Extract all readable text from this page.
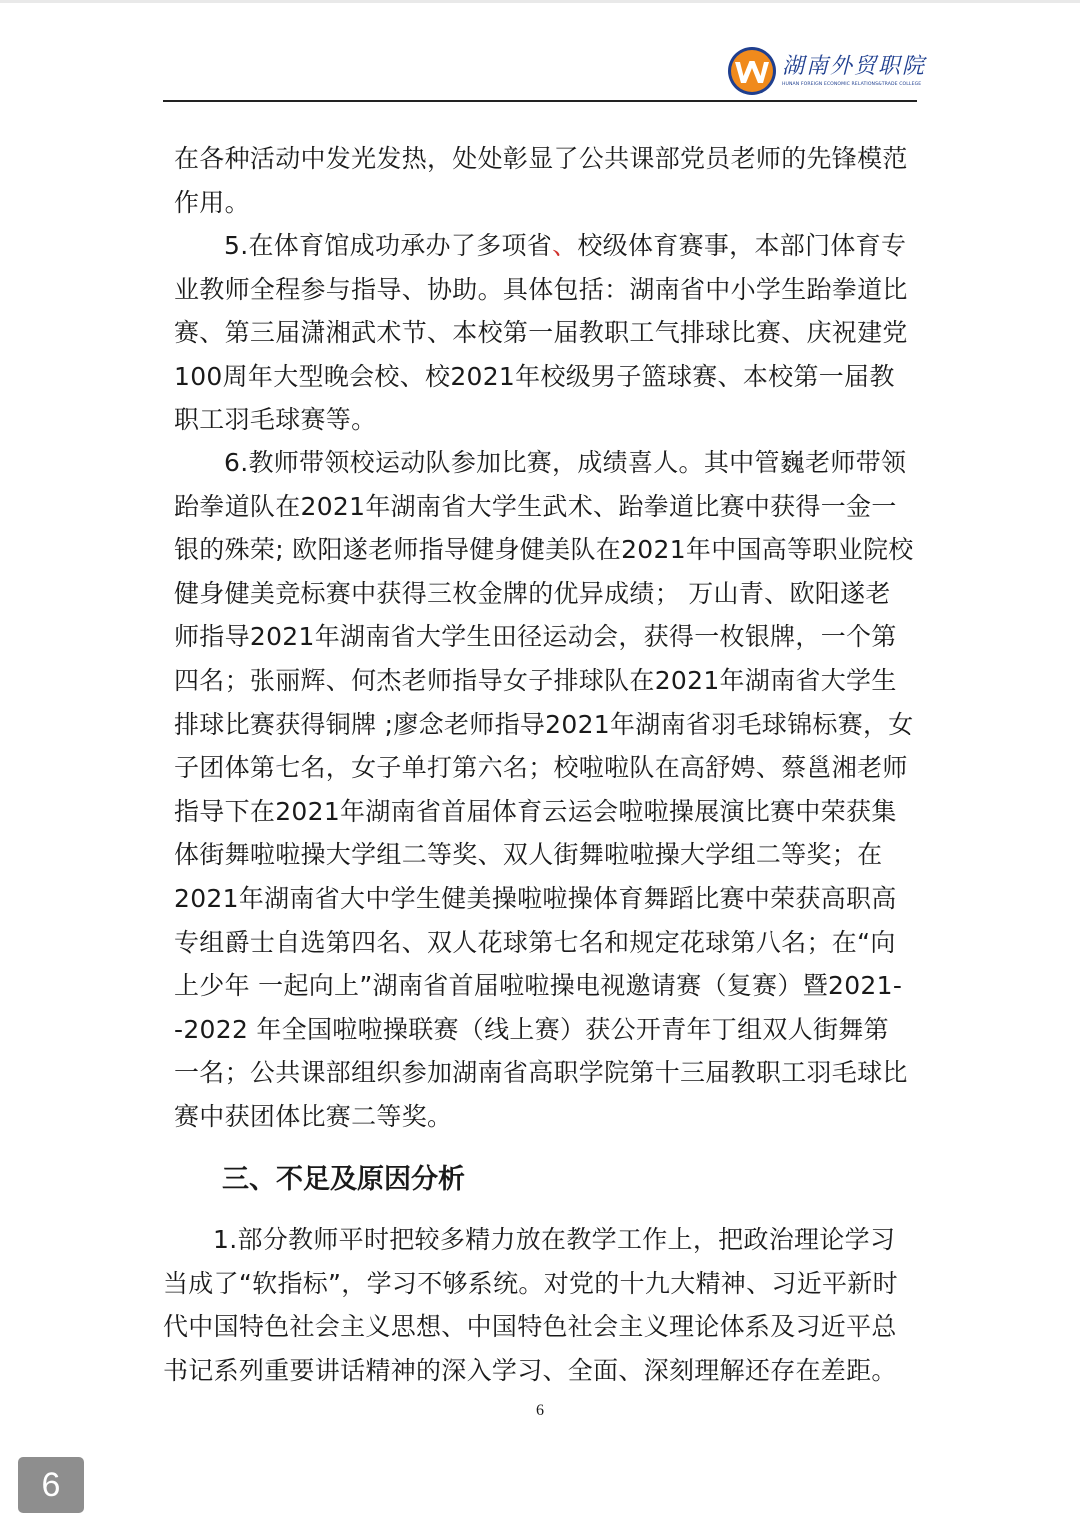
湖南外贸职院
HUNAN FOREIGN ECONOMIC RELATIONS&TRADE COLLEGE

在各种活动中发光发热，处处彰显了公共课部党员老师的先锋模范作用。

5.在体育馆成功承办了多项省、校级体育赛事，本部门体育专业教师全程参与指导、协助。具体包括：湖南省中小学生跆拳道比赛、第三届潇湘武术节、本校第一届教职工气排球比赛、庆祝建党100周年大型晚会校、校2021年校级男子篮球赛、本校第一届教职工羽毛球赛等。

6.教师带领校运动队参加比赛，成绩喜人。其中管巍老师带领跆拳道队在2021年湖南省大学生武术、跆拳道比赛中获得一金一银的殊荣; 欧阳遂老师指导健身健美队在2021年中国高等职业院校健身健美竞标赛中获得三枚金牌的优异成绩； 万山青、欧阳遂老师指导2021年湖南省大学生田径运动会，获得一枚银牌，一个第四名；张丽辉、何杰老师指导女子排球队在2021年湖南省大学生排球比赛获得铜牌 ;廖念老师指导2021年湖南省羽毛球锦标赛，女子团体第七名，女子单打第六名；校啦啦队在高舒娉、蔡邕湘老师指导下在2021年湖南省首届体育云运会啦啦操展演比赛中荣获集体街舞啦啦操大学组二等奖、双人街舞啦啦操大学组二等奖；在2021年湖南省大中学生健美操啦啦操体育舞蹈比赛中荣获高职高专组爵士自选第四名、双人花球第七名和规定花球第八名；在“向上少年 一起向上”湖南省首届啦啦操电视邀请赛（复赛）暨2021--2022 年全国啦啦操联赛（线上赛）获公开青年丁组双人街舞第一名；公共课部组织参加湖南省高职学院第十三届教职工羽毛球比赛中获团体比赛二等奖。

三、不足及原因分析

1.部分教师平时把较多精力放在教学工作上，把政治理论学习当成了“软指标”，学习不够系统。对党的十九大精神、习近平新时代中国特色社会主义思想、中国特色社会主义理论体系及习近平总书记系列重要讲话精神的深入学习、全面、深刻理解还存在差距。

6
6
